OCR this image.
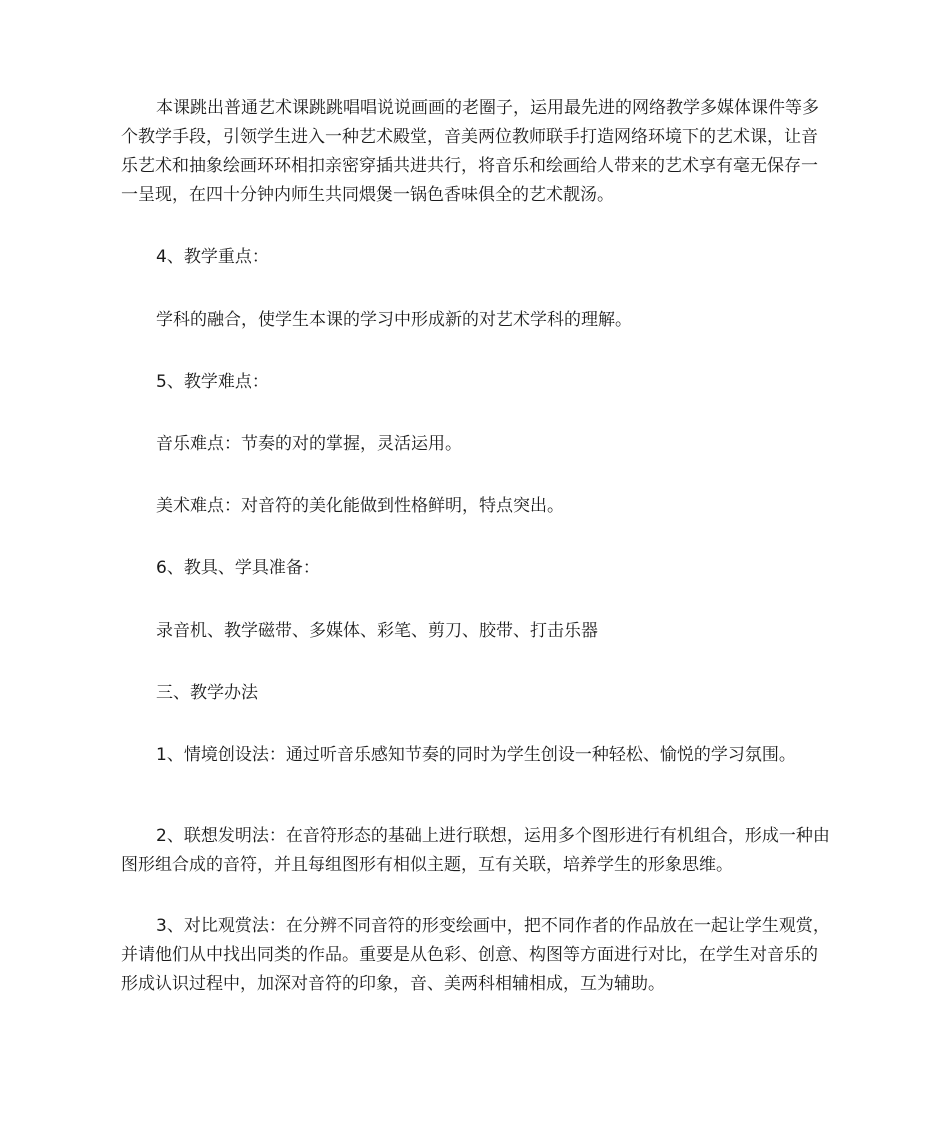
本课跳出普通艺术课跳跳唱唱说说画画的老圈子，运用最先进的网络教学多媒体课件等多个教学手段，引领学生进入一种艺术殿堂，音美两位教师联手打造网络环境下的艺术课，让音乐艺术和抽象绘画环环相扣亲密穿插共进共行，将音乐和绘画给人带来的艺术享有毫无保存一一呈现，在四十分钟内师生共同煨煲一锅色香味俱全的艺术靓汤。

4、教学重点：

学科的融合，使学生本课的学习中形成新的对艺术学科的理解。

5、教学难点：

音乐难点：节奏的对的掌握，灵活运用。

美术难点：对音符的美化能做到性格鲜明，特点突出。

6、教具、学具准备：

录音机、教学磁带、多媒体、彩笔、剪刀、胶带、打击乐器

三、教学办法

1、情境创设法：通过听音乐感知节奏的同时为学生创设一种轻松、愉悦的学习氛围。

2、联想发明法：在音符形态的基础上进行联想，运用多个图形进行有机组合，形成一种由图形组合成的音符，并且每组图形有相似主题，互有关联，培养学生的形象思维。

3、对比观赏法：在分辨不同音符的形变绘画中，把不同作者的作品放在一起让学生观赏，并请他们从中找出同类的作品。重要是从色彩、创意、构图等方面进行对比，在学生对音乐的形成认识过程中，加深对音符的印象，音、美两科相辅相成，互为辅助。
